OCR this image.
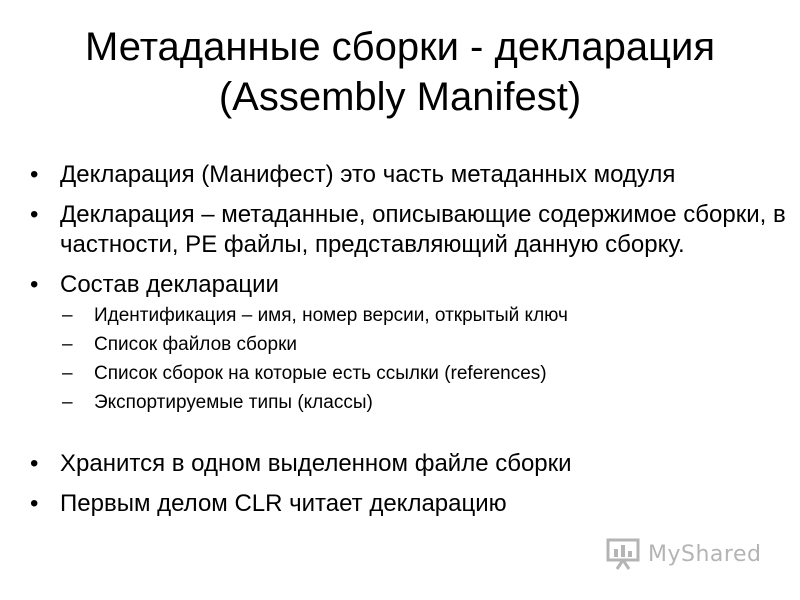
Метаданные сборки - декларация
(Assembly Manifest)
• Декларация (Манифест) это часть метаданных модуля
• Декларация – метаданные, описывающие содержимое сборки, в частности, PE файлы, представляющий данную сборку.
• Состав декларации
– Идентификация – имя, номер версии, открытый ключ
– Список файлов сборки
– Список сборок на которые есть ссылки (references)
– Экспортируемые типы (классы)
• Хранится в одном выделенном файле сборки
• Первым делом CLR читает декларацию
MyShared
